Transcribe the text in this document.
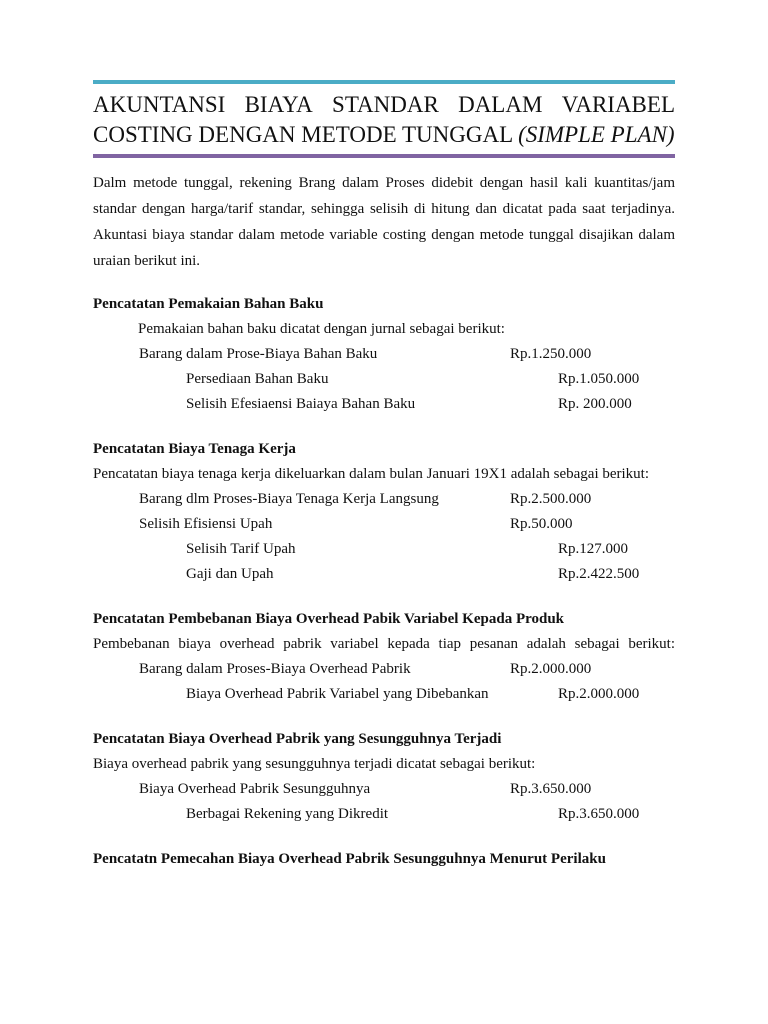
AKUNTANSI BIAYA STANDAR DALAM VARIABEL
COSTING DENGAN METODE TUNGGAL (SIMPLE PLAN)

Dalm metode tunggal, rekening Brang dalam Proses didebit dengan hasil kali kuantitas/jam standar dengan harga/tarif standar, sehingga selisih di hitung dan dicatat pada saat terjadinya. Akuntasi biaya standar dalam metode variable costing dengan metode tunggal disajikan dalam uraian berikut ini.

Pencatatan Pemakaian Bahan Baku

Pemakaian bahan baku dicatat dengan jurnal sebagai berikut:

Barang dalam Prose-Biaya Bahan Baku	Rp.1.250.000
Persediaan Bahan Baku	Rp.1.050.000
Selisih Efesiaensi Baiaya Bahan Baku	Rp. 200.000

Pencatatan Biaya Tenaga Kerja

Pencatatan biaya tenaga kerja dikeluarkan dalam bulan Januari 19X1 adalah sebagai berikut:

Barang dlm Proses-Biaya Tenaga Kerja Langsung	Rp.2.500.000
Selisih Efisiensi Upah	Rp.50.000
Selisih Tarif Upah	Rp.127.000
Gaji dan Upah	Rp.2.422.500

Pencatatan Pembebanan Biaya Overhead Pabik Variabel Kepada Produk

Pembebanan biaya overhead pabrik variabel kepada tiap pesanan adalah sebagai berikut:

Barang dalam Proses-Biaya Overhead Pabrik	Rp.2.000.000
Biaya Overhead Pabrik Variabel yang Dibebankan	Rp.2.000.000

Pencatatan Biaya Overhead Pabrik yang Sesungguhnya Terjadi

Biaya overhead pabrik yang sesungguhnya terjadi dicatat sebagai berikut:

Biaya Overhead Pabrik Sesungguhnya	Rp.3.650.000
Berbagai Rekening yang Dikredit	Rp.3.650.000

Pencatatn Pemecahan Biaya Overhead Pabrik Sesungguhnya Menurut Perilaku
